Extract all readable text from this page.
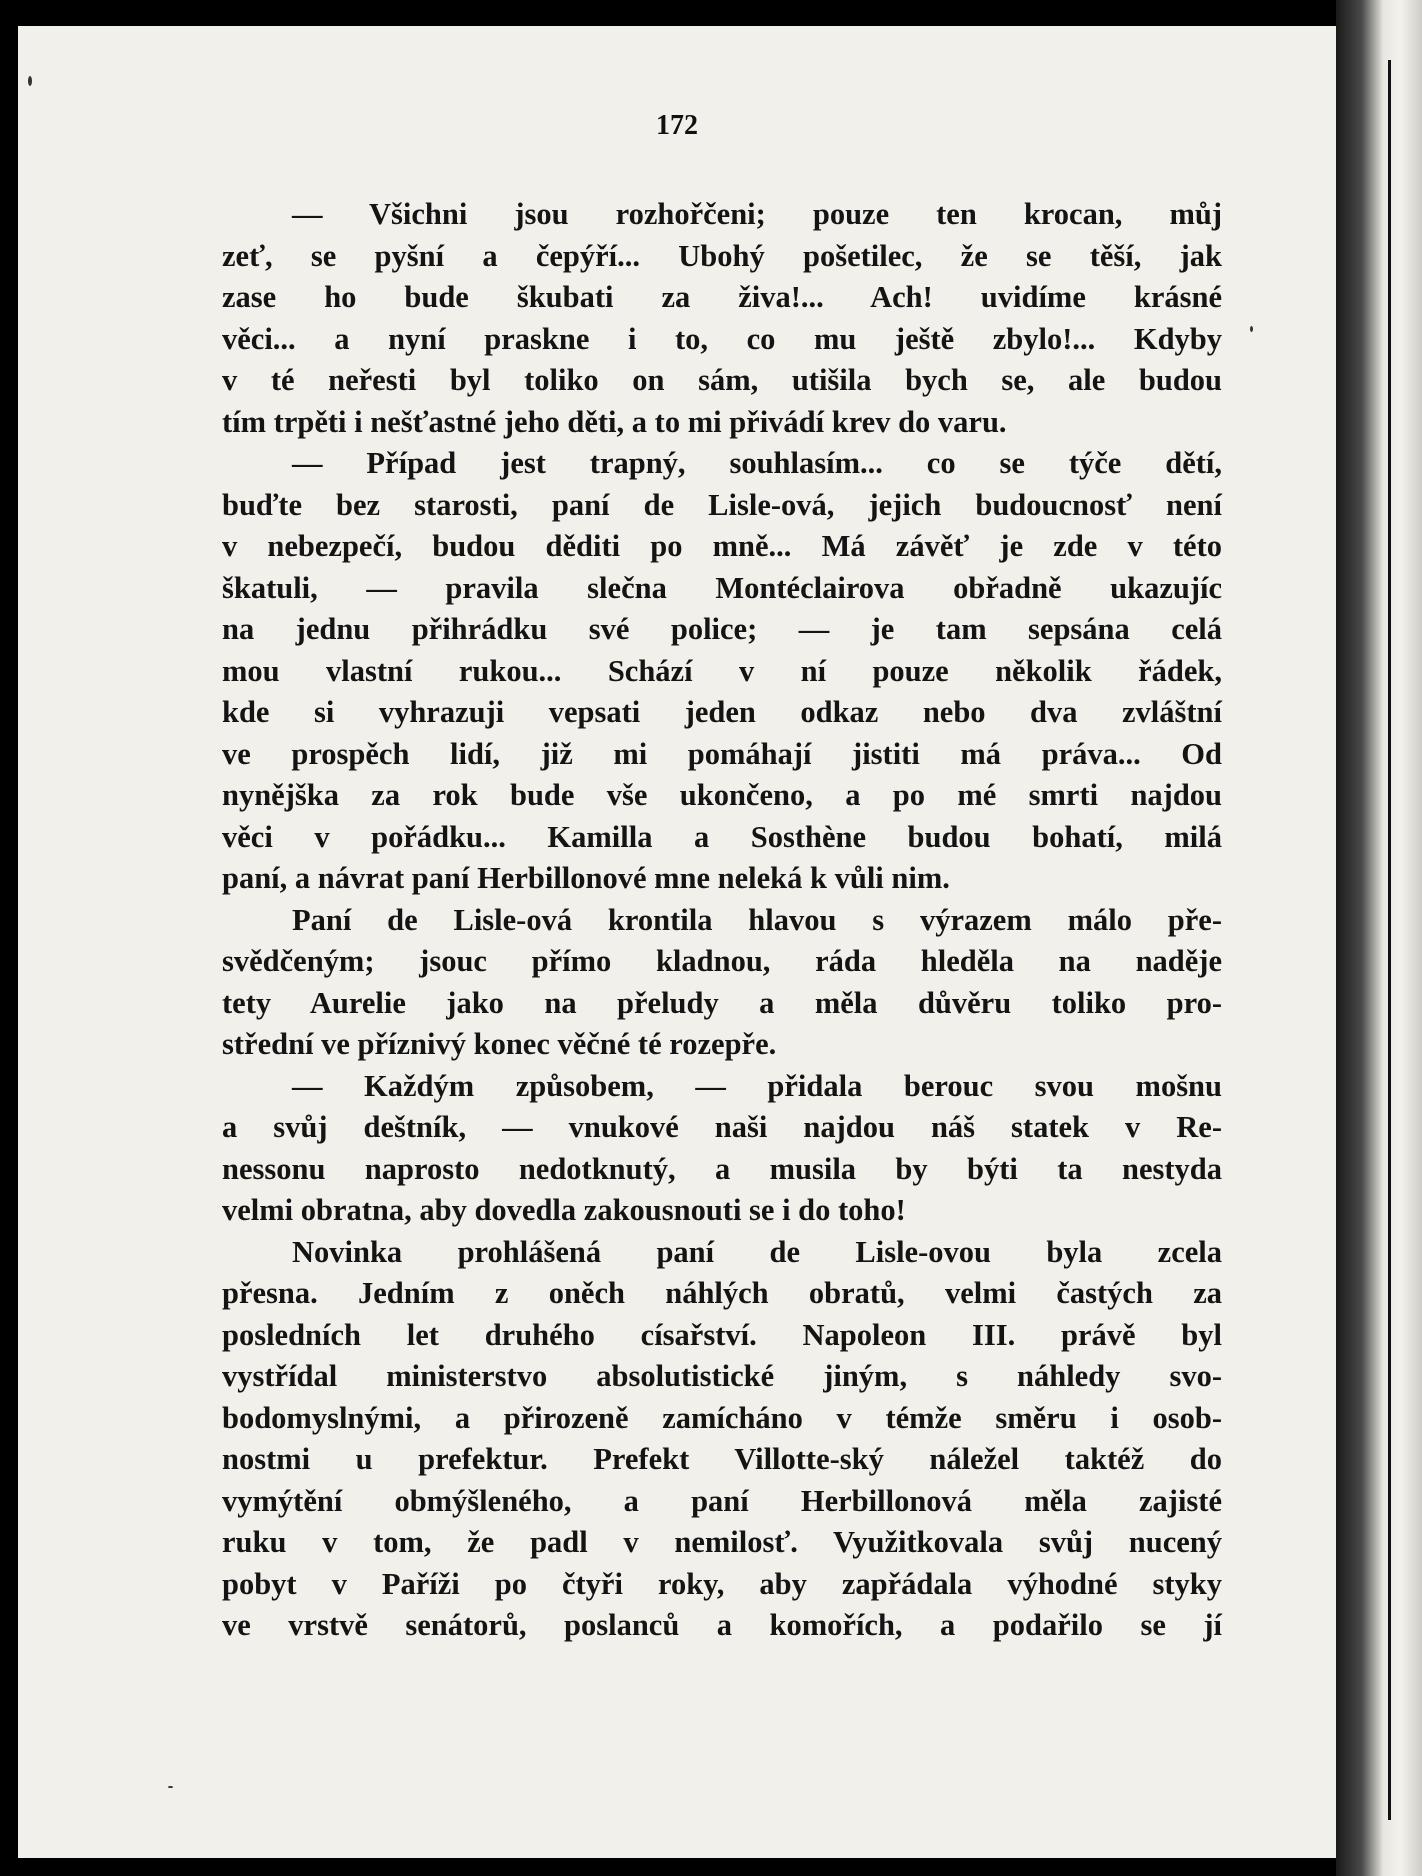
172
— Všichni jsou rozhořčeni; pouze ten krocan, můj
zeť, se pyšní a čepýří... Ubohý pošetilec, že se těší, jak
zase ho bude škubati za živa!... Ach! uvidíme krásné
věci... a nyní praskne i to, co mu ještě zbylo!... Kdyby
v té neřesti byl toliko on sám, utišila bych se, ale budou
tím trpěti i nešťastné jeho děti, a to mi přivádí krev do varu.
— Případ jest trapný, souhlasím... co se týče dětí,
buďte bez starosti, paní de Lisle-ová, jejich budoucnosť není
v nebezpečí, budou děditi po mně... Má závěť je zde v této
škatuli, — pravila slečna Montéclairova obřadně ukazujíc
na jednu přihrádku své police; — je tam sepsána celá
mou vlastní rukou... Schází v ní pouze několik řádek,
kde si vyhrazuji vepsati jeden odkaz nebo dva zvláštní
ve prospěch lidí, již mi pomáhají jistiti má práva... Od
nynějška za rok bude vše ukončeno, a po mé smrti najdou
věci v pořádku... Kamilla a Sosthène budou bohatí, milá
paní, a návrat paní Herbillonové mne neleká k vůli nim.
Paní de Lisle-ová krontila hlavou s výrazem málo pře-
svědčeným; jsouc přímo kladnou, ráda hleděla na naděje
tety Aurelie jako na přeludy a měla důvěru toliko pro-
střední ve příznivý konec věčné té rozepře.
— Každým způsobem, — přidala berouc svou mošnu
a svůj deštník, — vnukové naši najdou náš statek v Re-
nessonu naprosto nedotknutý, a musila by býti ta nestyda
velmi obratna, aby dovedla zakousnouti se i do toho!
Novinka prohlášená paní de Lisle-ovou byla zcela
přesna. Jedním z oněch náhlých obratů, velmi častých za
posledních let druhého císařství. Napoleon III. právě byl
vystřídal ministerstvo absolutistické jiným, s náhledy svo-
bodomyslnými, a přirozeně zamícháno v témže směru i osob-
nostmi u prefektur. Prefekt Villotte-ský náležel taktéž do
vymýtění obmýšleného, a paní Herbillonová měla zajisté
ruku v tom, že padl v nemilosť. Využitkovala svůj nucený
pobyt v Paříži po čtyři roky, aby zapřádala výhodné styky
ve vrstvě senátorů, poslanců a komořích, a podařilo se jí
